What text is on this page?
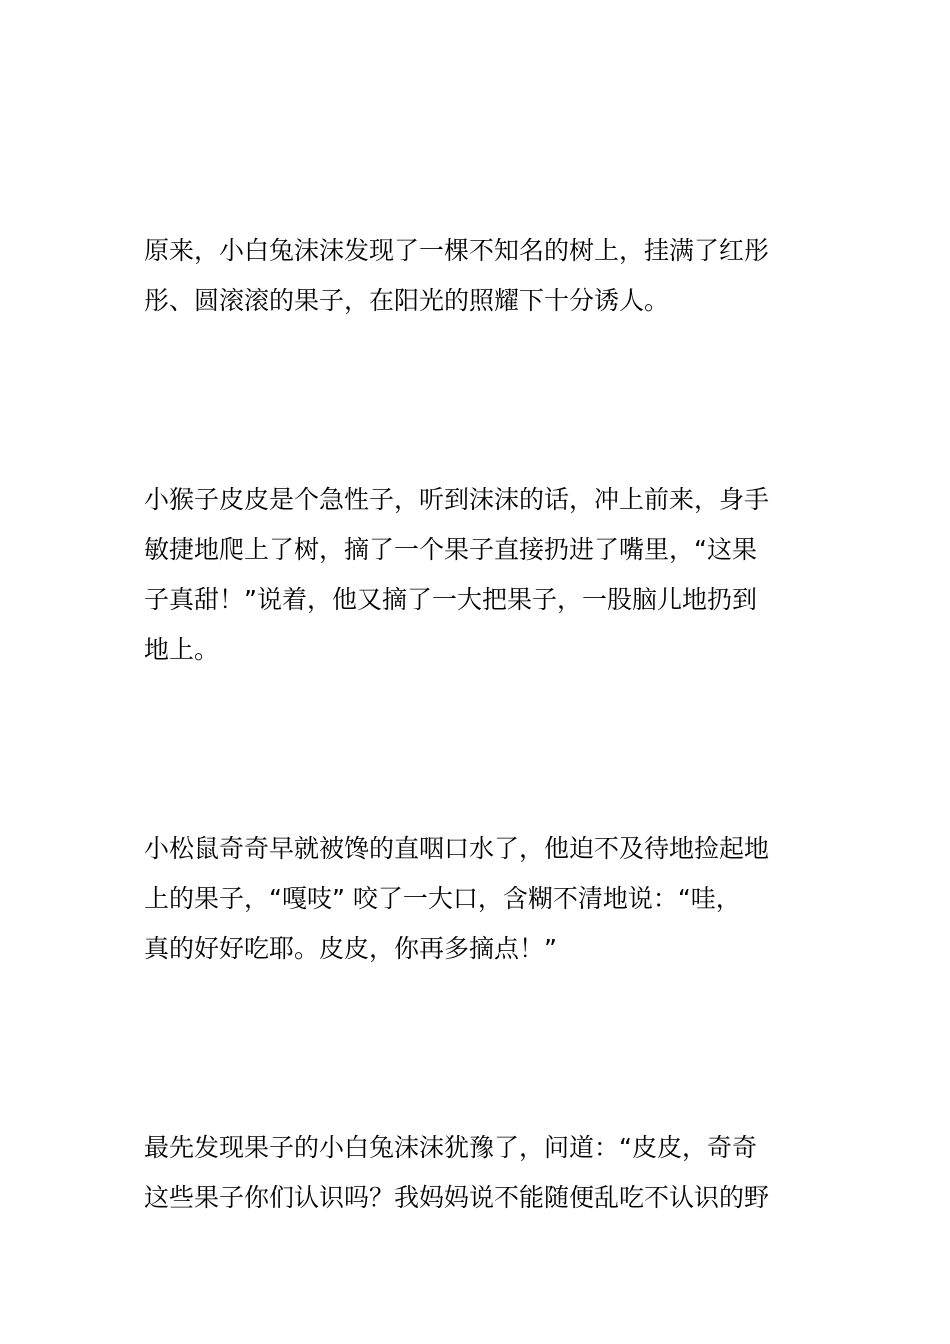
原来，小白兔沫沫发现了一棵不知名的树上，挂满了红彤
彤、圆滚滚的果子，在阳光的照耀下十分诱人。
小猴子皮皮是个急性子，听到沫沫的话，冲上前来，身手
敏捷地爬上了树，摘了一个果子直接扔进了嘴里，“这果
子真甜！”说着，他又摘了一大把果子，一股脑儿地扔到
地上。
小松鼠奇奇早就被馋的直咽口水了，他迫不及待地捡起地
上的果子，“嘎吱” 咬了一大口，含糊不清地说：“哇，
真的好好吃耶。皮皮，你再多摘点！”
最先发现果子的小白兔沫沫犹豫了，问道：“皮皮，奇奇
这些果子你们认识吗？我妈妈说不能随便乱吃不认识的野
